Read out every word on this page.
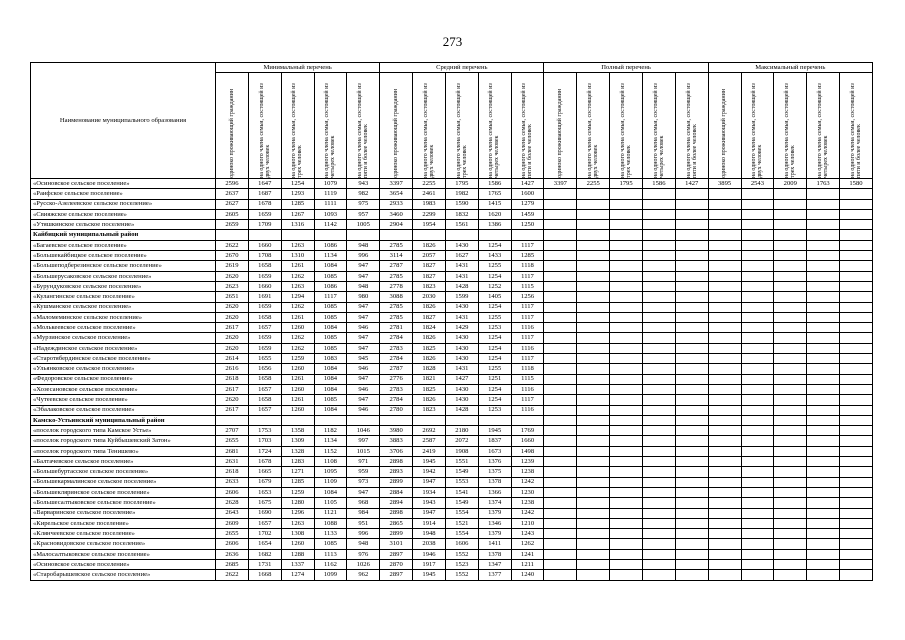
273
Наименование муниципального образования	Минимальный перечень					Средний перечень					Полный перечень					Максимальный перечень				

	одиноко проживающий гражданин	на одного члена семьи, состоящей из двух человек	на одного члена семьи, состоящей из трех человек	на одного члена семьи, состоящей из четырех человек	на одного члена семьи, состоящей из пяти и более человек	одиноко проживающий гражданин	на одного члена семьи, состоящей из двух человек	на одного члена семьи, состоящей из трех человек	на одного члена семьи, состоящей из четырех человек	на одного члена семьи, состоящей из пяти и более человек	одиноко проживающий гражданин	на одного члена семьи, состоящей из двух человек	на одного члена семьи, состоящей из трех человек	на одного члена семьи, состоящей из четырех человек	на одного члена семьи, состоящей из пяти и более человек	одиноко проживающий гражданин	на одного члена семьи, состоящей из двух человек	на одного члена семьи, состоящей из трех человек	на одного члена семьи, состоящей из четырех человек	на одного члена семьи, состоящей из пяти и более человек

«Осиновское сельское поселение»	2596	1647	1254	1079	943	3397	2255	1795	1586	1427	3397	2255	1795	1586	1427	3895	2543	2009	1763	1580
«Раифское сельское поселение»	2637	1687	1293	1119	982	3654	2461	1982	1765	1600										
«Русско-Азелеевское сельское поселение»	2627	1678	1285	1111	975	2933	1983	1590	1415	1279										
«Свияжское сельское поселение»	2605	1659	1267	1093	957	3460	2299	1832	1620	1459										
«Утяшкинское сельское поселение»	2659	1709	1316	1142	1005	2904	1954	1561	1386	1250										
Кайбицкий муниципальный район																				
«Багаевское сельское поселение»	2622	1660	1263	1086	948	2785	1826	1430	1254	1117										
«Большекайбицкое сельское поселение»	2670	1708	1310	1134	996	3114	2057	1627	1433	1285										
«Большеподберезинское сельское поселение»	2619	1658	1261	1084	947	2787	1827	1431	1255	1118										
«Большерусаковское сельское поселение»	2620	1659	1262	1085	947	2785	1827	1431	1254	1117										
«Бурундуковское сельское поселение»	2623	1660	1263	1086	948	2778	1823	1428	1252	1115										
«Кулангинское сельское поселение»	2651	1691	1294	1117	980	3088	2030	1599	1405	1256										
«Кушманское сельское поселение»	2620	1659	1262	1085	947	2785	1826	1430	1254	1117										
«Маломеминское сельское поселение»	2620	1658	1261	1085	947	2785	1827	1431	1255	1117										
«Молькеевское сельское поселение»	2617	1657	1260	1084	946	2781	1824	1429	1253	1116										
«Мурзинское сельское поселение»	2620	1659	1262	1085	947	2784	1826	1430	1254	1117										
«Надеждинское сельское поселение»	2620	1659	1262	1085	947	2783	1825	1430	1254	1116										
«Старотябердинское сельское поселение»	2614	1655	1259	1083	945	2784	1826	1430	1254	1117										
«Ульянковское сельское поселение»	2616	1656	1260	1084	946	2787	1828	1431	1255	1118										
«Федоровское сельское поселение»	2618	1658	1261	1084	947	2776	1821	1427	1251	1115										
«Хозесановское сельское поселение»	2617	1657	1260	1084	946	2783	1825	1430	1254	1116										
«Чутеевское сельское поселение»	2620	1658	1261	1085	947	2784	1826	1430	1254	1117										
«Эбалаковское сельское поселение»	2617	1657	1260	1084	946	2780	1823	1428	1253	1116										
Камско-Устьинский муниципальный район																				
«поселок городского типа Камское Устье»	2707	1753	1358	1182	1046	3980	2692	2180	1945	1769										
«поселок городского типа Куйбышевский Затон»	2655	1703	1309	1134	997	3883	2587	2072	1837	1660										
«поселок городского типа Тенишево»	2681	1724	1328	1152	1015	3706	2419	1908	1673	1498										
«Балтачевское сельское поселение»	2631	1678	1283	1108	971	2898	1945	1551	1376	1239										
«Большебуртасское сельское поселение»	2618	1665	1271	1095	959	2893	1942	1549	1375	1238										
«Большекармалинское сельское поселение»	2633	1679	1285	1109	973	2899	1947	1553	1378	1242										
«Большекляринское сельское поселение»	2606	1653	1259	1084	947	2884	1934	1541	1366	1230										
«Большесалтыковское сельское поселение»	2628	1675	1280	1105	968	2894	1943	1549	1374	1238										
«Варваринское сельское поселение»	2643	1690	1296	1121	984	2898	1947	1554	1379	1242										
«Кирельское сельское поселение»	2609	1657	1263	1088	951	2865	1914	1521	1346	1210										
«Клянчеевское сельское поселение»	2655	1702	1308	1133	996	2899	1948	1554	1379	1243										
«Красновидовское сельское поселение»	2606	1654	1260	1085	948	3101	2038	1606	1411	1262										
«Малосалтыковское сельское поселение»	2636	1682	1288	1113	976	2897	1946	1552	1378	1241										
«Осиновское сельское поселение»	2685	1731	1337	1162	1026	2870	1917	1523	1347	1211										
«Старобарышевское сельское поселение»	2622	1668	1274	1099	962	2897	1945	1552	1377	1240										
